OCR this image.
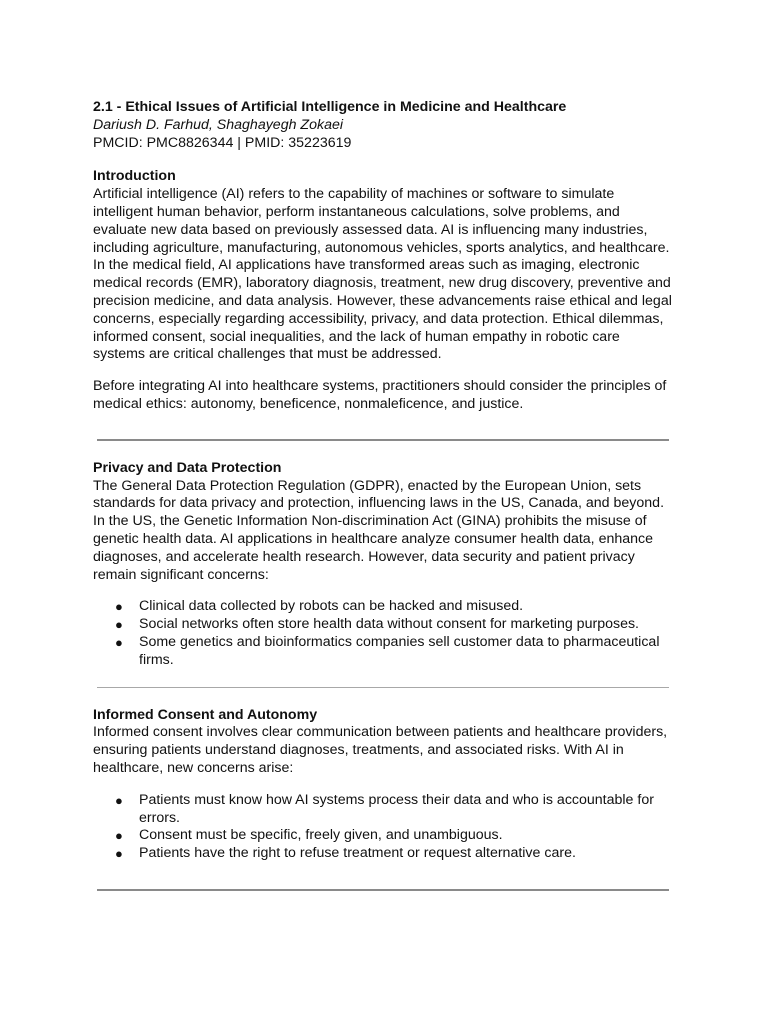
2.1 - Ethical Issues of Artificial Intelligence in Medicine and Healthcare

Dariush D. Farhud, Shaghayegh Zokaei

PMCID: PMC8826344 | PMID: 35223619

Introduction

Artificial intelligence (AI) refers to the capability of machines or software to simulate intelligent human behavior, perform instantaneous calculations, solve problems, and evaluate new data based on previously assessed data. AI is influencing many industries, including agriculture, manufacturing, autonomous vehicles, sports analytics, and healthcare. In the medical field, AI applications have transformed areas such as imaging, electronic medical records (EMR), laboratory diagnosis, treatment, new drug discovery, preventive and precision medicine, and data analysis. However, these advancements raise ethical and legal concerns, especially regarding accessibility, privacy, and data protection. Ethical dilemmas, informed consent, social inequalities, and the lack of human empathy in robotic care systems are critical challenges that must be addressed.

Before integrating AI into healthcare systems, practitioners should consider the principles of medical ethics: autonomy, beneficence, nonmaleficence, and justice.

Privacy and Data Protection

The General Data Protection Regulation (GDPR), enacted by the European Union, sets standards for data privacy and protection, influencing laws in the US, Canada, and beyond. In the US, the Genetic Information Non-discrimination Act (GINA) prohibits the misuse of genetic health data. AI applications in healthcare analyze consumer health data, enhance diagnoses, and accelerate health research. However, data security and patient privacy remain significant concerns:

● Clinical data collected by robots can be hacked and misused.
● Social networks often store health data without consent for marketing purposes.
● Some genetics and bioinformatics companies sell customer data to pharmaceutical firms.

Informed Consent and Autonomy

Informed consent involves clear communication between patients and healthcare providers, ensuring patients understand diagnoses, treatments, and associated risks. With AI in healthcare, new concerns arise:

● Patients must know how AI systems process their data and who is accountable for errors.
● Consent must be specific, freely given, and unambiguous.
● Patients have the right to refuse treatment or request alternative care.
